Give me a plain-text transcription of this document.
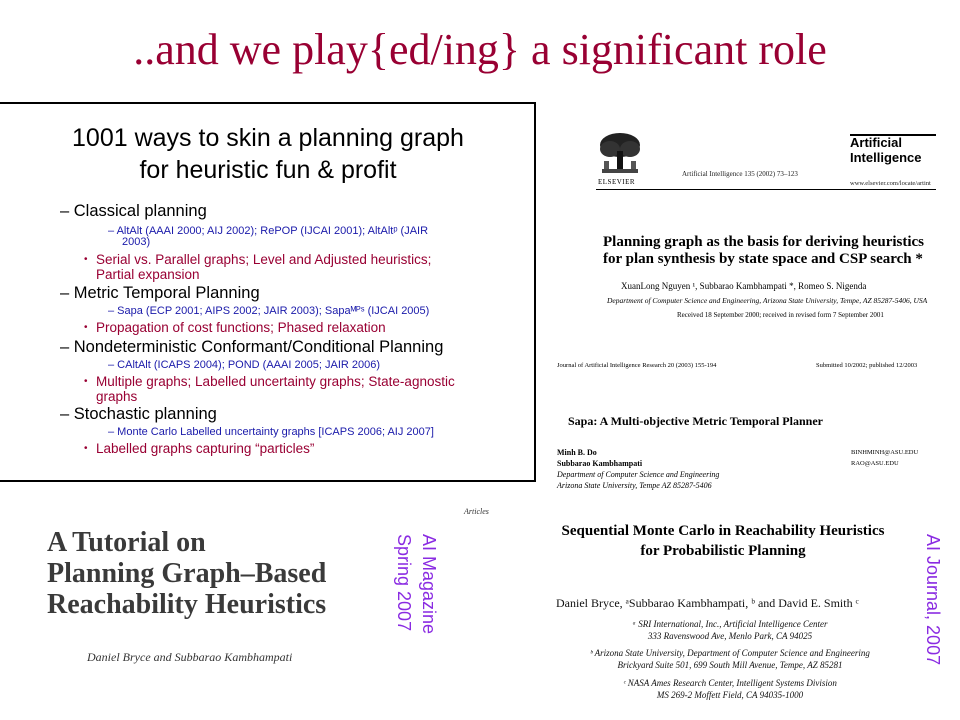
..and we play{ed/ing} a significant role
1001 ways to skin a planning graph
for heuristic fun & profit
– Classical planning
– AltAlt (AAAI 2000; AIJ 2002); RePOP (IJCAI 2001); AltAltᵖ (JAIR
2003)
• Serial vs. Parallel graphs; Level and Adjusted heuristics;
Partial expansion
– Metric Temporal Planning
– Sapa (ECP 2001; AIPS 2002; JAIR 2003); Sapaᴹᴾˢ (IJCAI 2005)
• Propagation of cost functions; Phased relaxation
– Nondeterministic Conformant/Conditional Planning
– CAltAlt (ICAPS 2004); POND (AAAI 2005; JAIR 2006)
• Multiple graphs; Labelled uncertainty graphs; State-agnostic
graphs
– Stochastic planning
– Monte Carlo Labelled uncertainty graphs [ICAPS 2006; AIJ 2007]
• Labelled graphs capturing “particles”
ELSEVIER
Artificial Intelligence 135 (2002) 73–123
Artificial
Intelligence
www.elsevier.com/locate/artint
Planning graph as the basis for deriving heuristics
for plan synthesis by state space and CSP search *
XuanLong Nguyen ¹, Subbarao Kambhampati *, Romeo S. Nigenda
Department of Computer Science and Engineering, Arizona State University, Tempe, AZ 85287-5406, USA
Received 18 September 2000; received in revised form 7 September 2001
Journal of Artificial Intelligence Research 20 (2003) 155-194	Submitted 10/2002; published 12/2003
Sapa: A Multi-objective Metric Temporal Planner
Minh B. Do
Subbarao Kambhampati
Department of Computer Science and Engineering
Arizona State University, Tempe AZ 85287-5406
BINHMINH@ASU.EDU
RAO@ASU.EDU
Articles
A Tutorial on
Planning Graph–Based
Reachability Heuristics
Daniel Bryce and Subbarao Kambhampati
AI Magazine
Spring 2007
Sequential Monte Carlo in Reachability Heuristics
for Probabilistic Planning
Daniel Bryce, ᵃSubbarao Kambhampati, ᵇ and David E. Smith ᶜ
ᵃ SRI International, Inc., Artificial Intelligence Center
333 Ravenswood Ave, Menlo Park, CA 94025
ᵇ Arizona State University, Department of Computer Science and Engineering
Brickyard Suite 501, 699 South Mill Avenue, Tempe, AZ 85281
ᶜ NASA Ames Research Center, Intelligent Systems Division
MS 269-2 Moffett Field, CA 94035-1000
AI Journal, 2007
